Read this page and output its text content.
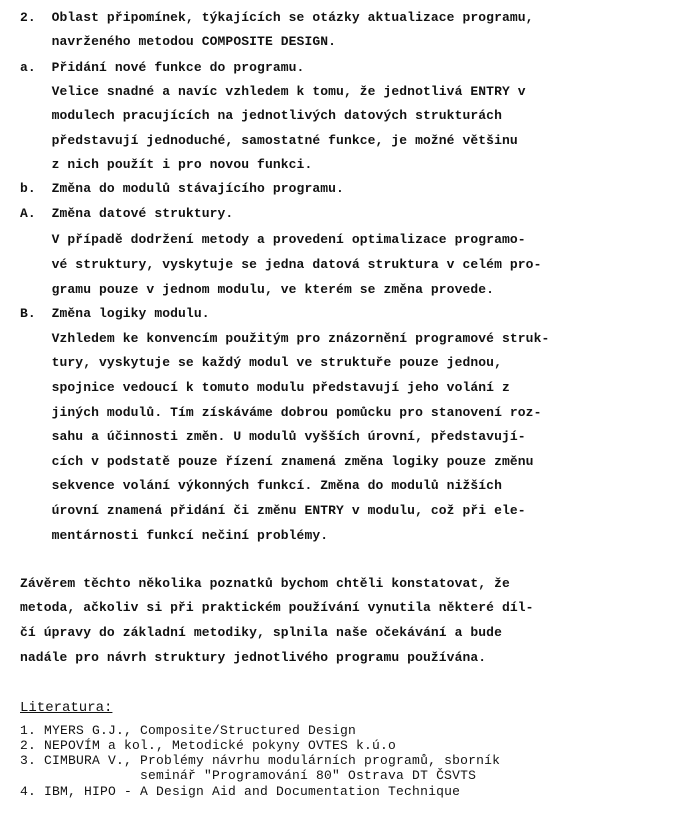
2.  Oblast připomínek, týkajících se otázky aktualizace programu,
navrženého metodou COMPOSITE DESIGN.
a.  Přidání nové funkce do programu.
Velice snadné a navíc vzhledem k tomu, že jednotlivá ENTRY v
modulech pracujících na jednotlivých datových strukturách
představují jednoduché, samostatné funkce, je možné většinu
z nich použít i pro novou funkci.
b.  Změna do modulů stávajícího programu.
A.  Změna datové struktury.
V případě dodržení metody a provedení optimalizace programo-
vé struktury, vyskytuje se jedna datová struktura v celém pro-
gramu pouze v jednom modulu, ve kterém se změna provede.
B.  Změna logiky modulu.
Vzhledem ke konvencím použitým pro znázornění programové struk-
tury, vyskytuje se každý modul ve struktuře pouze jednou,
spojnice vedoucí k tomuto modulu představují jeho volání z
jiných modulů. Tím získáváme dobrou pomůcku pro stanovení roz-
sahu a účinnosti změn. U modulů vyšších úrovní, představují-
cích v podstatě pouze řízení znamená změna logiky pouze změnu
sekvence volání výkonných funkcí. Změna do modulů nižších
úrovní znamená přidání či změnu ENTRY v modulu, což při ele-
mentárnosti funkcí nečiní problémy.
Závěrem těchto několika poznatků bychom chtěli konstatovat, že
metoda, ačkoliv si při praktickém používání vynutila některé díl-
čí úpravy do základní metodiky, splnila naše očekávání a bude
nadále pro návrh struktury jednotlivého programu používána.
Literatura:
1. MYERS G.J., Composite/Structured Design
2. NEPOVÍM a kol., Metodické pokyny OVTES k.ú.o
3. CIMBURA V., Problémy návrhu modulárních programů, sborník
seminář "Programování 80" Ostrava DT ČSVTS
4. IBM, HIPO - A Design Aid and Documentation Technique
